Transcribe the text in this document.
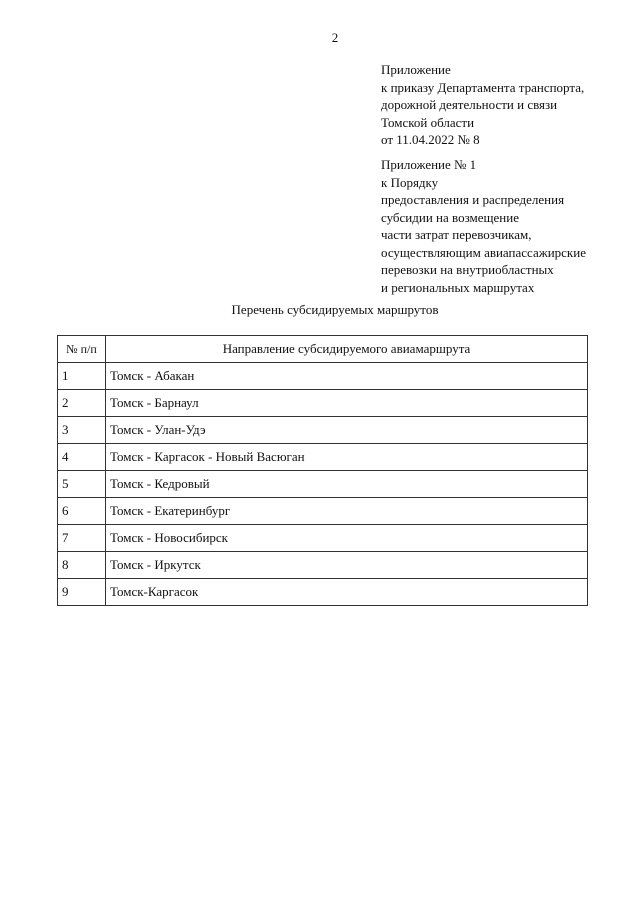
2
Приложение
к приказу Департамента транспорта,
дорожной деятельности и связи
Томской области
от 11.04.2022 № 8
Приложение № 1
к Порядку
предоставления и распределения
субсидии на возмещение
части затрат перевозчикам,
осуществляющим авиапассажирские
перевозки на внутриобластных
и региональных маршрутах
Перечень субсидируемых маршрутов
№ п/п	Направление субсидируемого авиамаршрута
1	Томск - Абакан
2	Томск - Барнаул
3	Томск - Улан-Удэ
4	Томск - Каргасок - Новый Васюган
5	Томск - Кедровый
6	Томск - Екатеринбург
7	Томск - Новосибирск
8	Томск - Иркутск
9	Томск-Каргасок
